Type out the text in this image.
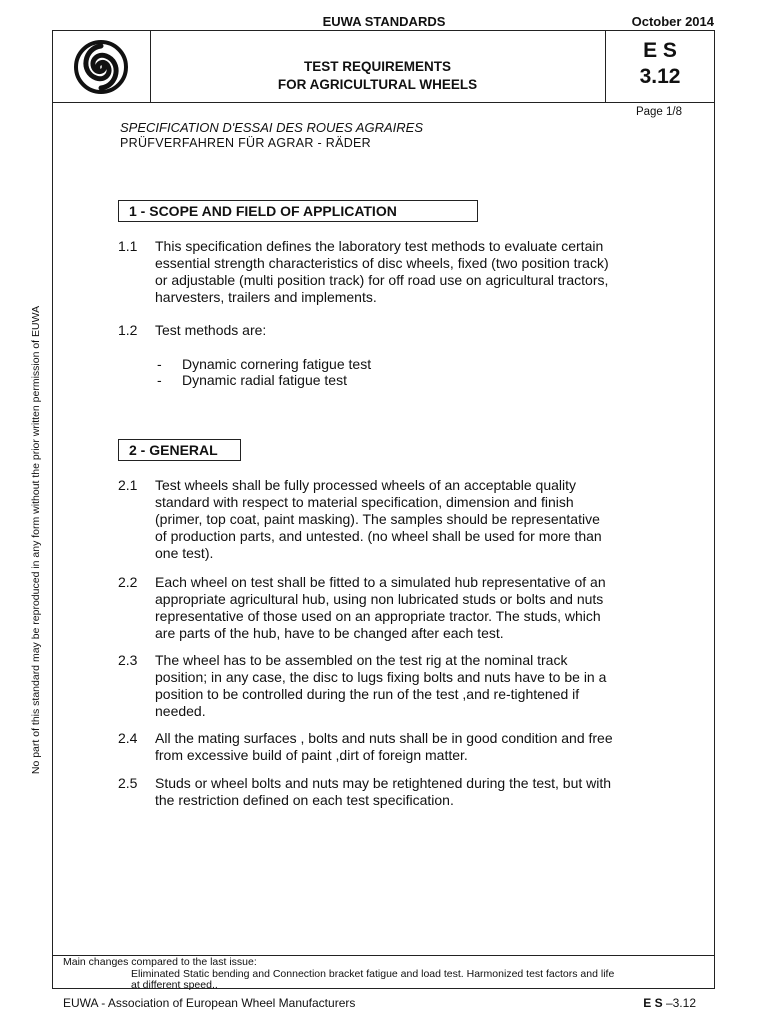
EUWA STANDARDS	October 2014
TEST REQUIREMENTS
FOR AGRICULTURAL WHEELS
E S
3.12
Page 1/8
SPECIFICATION D'ESSAI DES ROUES AGRAIRES
PRÜFVERFAHREN FÜR AGRAR - RÄDER
1 - SCOPE AND FIELD OF APPLICATION
1.1 This specification defines the laboratory test methods to evaluate certain
essential strength characteristics of disc wheels, fixed (two position track)
or adjustable (multi position track) for off road use on agricultural tractors,
harvesters, trailers and implements.
1.2 Test methods are:
- Dynamic cornering fatigue test
- Dynamic radial fatigue test
2 - GENERAL
2.1 Test wheels shall be fully processed wheels of an acceptable quality
standard with respect to material specification, dimension and finish
(primer, top coat, paint masking). The samples should be representative
of production parts, and untested. (no wheel shall be used for more than
one test).
2.2 Each wheel on test shall be fitted to a simulated hub representative of an
appropriate agricultural hub, using non lubricated studs or bolts and nuts
representative of those used on an appropriate tractor. The studs, which
are parts of the hub, have to be changed after each test.
2.3 The wheel has to be assembled on the test rig at the nominal track
position; in any case, the disc to lugs fixing bolts and nuts have to be in a
position to be controlled during the run of the test ,and re-tightened if
needed.
2.4 All the mating surfaces , bolts and nuts shall be in good condition and free
from excessive build of paint ,dirt of foreign matter.
2.5 Studs or wheel bolts and nuts may be retightened during the test, but with
the restriction defined on each test specification.
No part of this standard may be reproduced in any form without the prior written permission of EUWA
Main changes compared to the last issue:
Eliminated Static bending and Connection bracket fatigue and load test. Harmonized test factors and life
at different speed..
EUWA - Association of European Wheel Manufacturers	E S –3.12
